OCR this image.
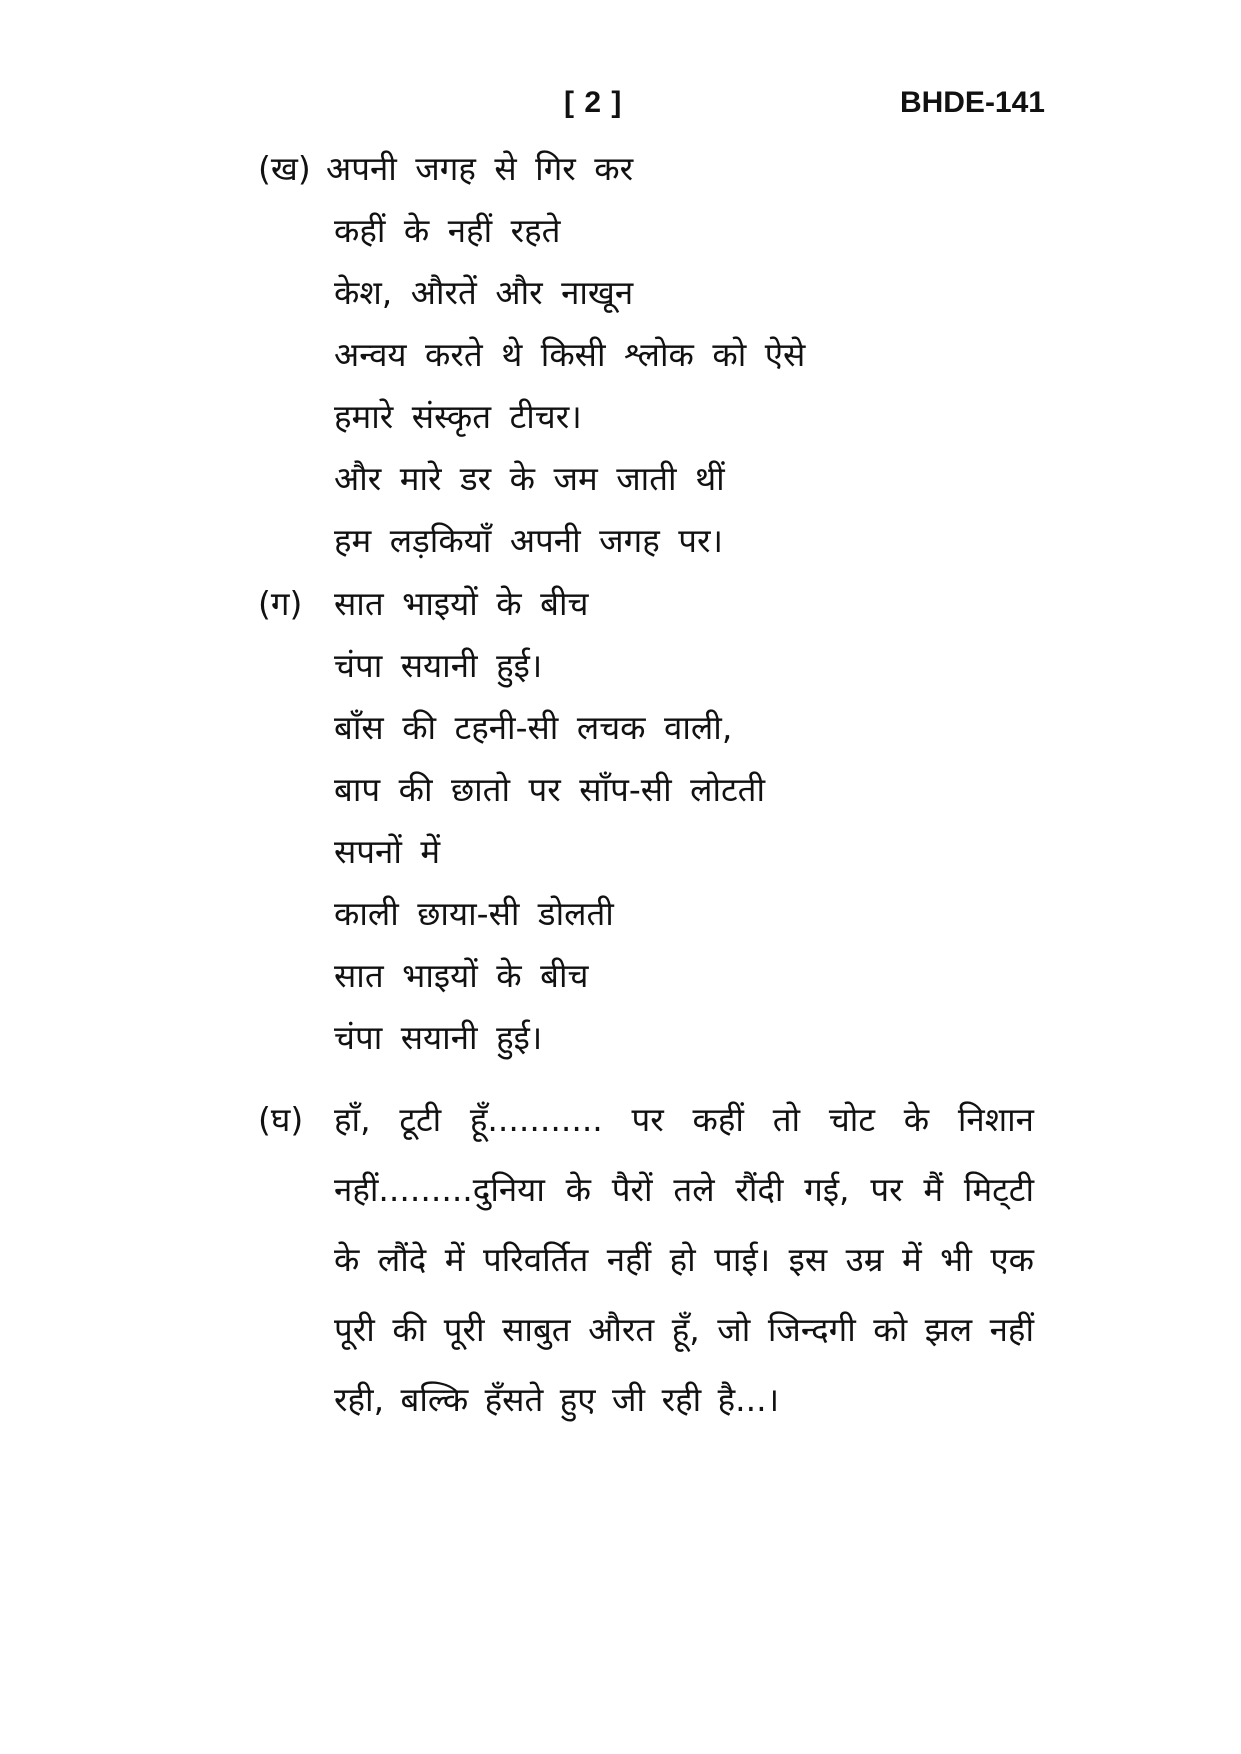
[ 2 ]	BHDE-141
(ख) अपनी जगह से गिर कर
कहीं के नहीं रहते
केश, औरतें और नाखून
अन्वय करते थे किसी श्लोक को ऐसे
हमारे संस्कृत टीचर।
और मारे डर के जम जाती थीं
हम लड़कियाँ अपनी जगह पर।
(ग) सात भाइयों के बीच
चंपा सयानी हुई।
बाँस की टहनी-सी लचक वाली,
बाप की छातो पर साँप-सी लोटती
सपनों में
काली छाया-सी डोलती
सात भाइयों के बीच
चंपा सयानी हुई।
(घ) हाँ, टूटी हूँ........... पर कहीं तो चोट के निशान नहीं.........दुनिया के पैरों तले रौंदी गई, पर मैं मिट्‌टी के लौंदे में परिवर्तित नहीं हो पाई। इस उम्र में भी एक पूरी की पूरी साबुत औरत हूँ, जो जिन्दगी को झल नहीं रही, बल्कि हँसते हुए जी रही है...।
